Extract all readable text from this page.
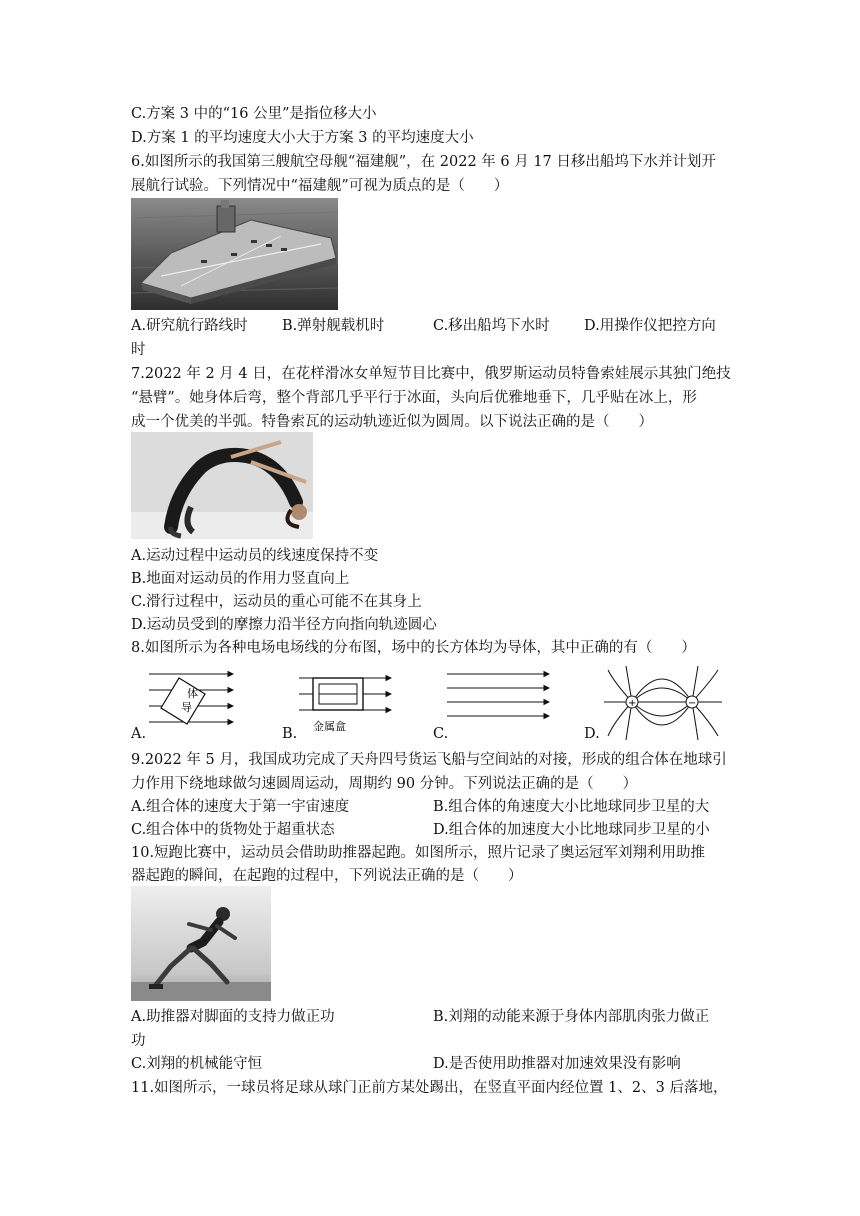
C.方案 3 中的“16 公里”是指位移大小
D.方案 1 的平均速度大小大于方案 3 的平均速度大小
6.如图所示的我国第三艘航空母舰“福建舰”，在 2022 年 6 月 17 日移出船坞下水并计划开
展航行试验。下列情况中“福建舰”可视为质点的是（　　）
A.研究航行路线时 B.弹射舰载机时	C.移出船坞下水时 D.用操作仪把控方向
时
7.2022 年 2 月 4 日，在花样滑冰女单短节目比赛中，俄罗斯运动员特鲁索娃展示其独门绝技
“悬臂”。她身体后弯，整个背部几乎平行于冰面，头向后优雅地垂下，几乎贴在冰上，形
成一个优美的半弧。特鲁索瓦的运动轨迹近似为圆周。以下说法正确的是（　　）
A.运动过程中运动员的线速度保持不变
B.地面对运动员的作用力竖直向上
C.滑行过程中，运动员的重心可能不在其身上
D.运动员受到的摩擦力沿半径方向指向轨迹圆心
8.如图所示为各种电场电场线的分布图，场中的长方体均为导体，其中正确的有（　　）
导
体
A.	金属盒
B.	C.
+	−
D.
9.2022 年 5 月，我国成功完成了天舟四号货运飞船与空间站的对接，形成的组合体在地球引
力作用下绕地球做匀速圆周运动，周期约 90 分钟。下列说法正确的是（　　）
A.组合体的速度大于第一宇宙速度	B.组合体的角速度大小比地球同步卫星的大
C.组合体中的货物处于超重状态	D.组合体的加速度大小比地球同步卫星的小
10.短跑比赛中，运动员会借助助推器起跑。如图所示，照片记录了奥运冠军刘翔利用助推
器起跑的瞬间，在起跑的过程中，下列说法正确的是（　　）
A.助推器对脚面的支持力做正功	B.刘翔的动能来源于身体内部肌肉张力做正
功
C.刘翔的机械能守恒	D.是否使用助推器对加速效果没有影响
11.如图所示，一球员将足球从球门正前方某处踢出，在竖直平面内经位置 1、2、3 后落地，
